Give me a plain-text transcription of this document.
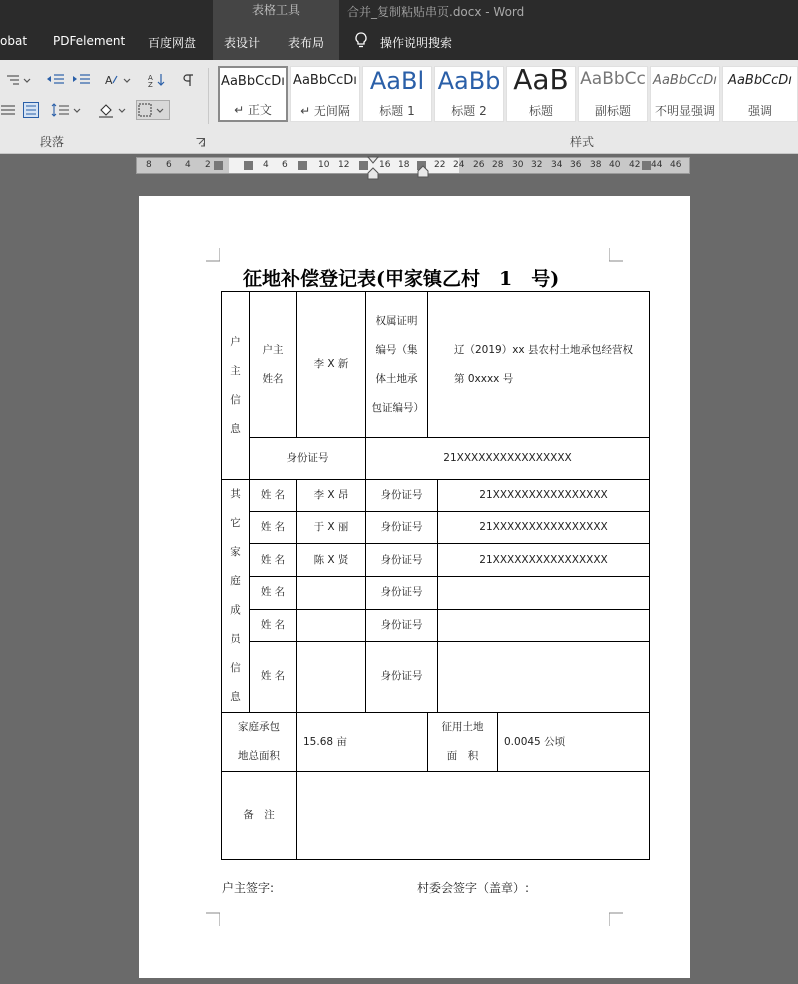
表格工具	合并_复制粘贴串页.docx - Word
obat PDFelement 百度网盘 表设计 表布局	操作说明搜索
A	A
Z
段落
AaBbCcDı
↵ 正文
AaBbCcDı
↵ 无间隔
AaBl
标题 1
AaBb
标题 2
AaB
标题
AaBbCс
副标题
AaBbCcDı
不明显强调
AaBbCcDı
强调
样式
8 6 4 2	4 6	10 12	16 18	22 24 26 28 30 32 34 36 38 40 42 44 46
征地补偿登记表(甲家镇乙村　1　号)
户主信息	户主姓名	李 X 新	权属证明编号（集体土地承包证编号）	辽（2019）xx 县农村土地承包经营权第 0xxxx 号		

	身份证号		21XXXXXXXXXXXXXXXX			

其它家庭成员信息	姓 名	李 X 昂	身份证号		21XXXXXXXXXXXXXXXX	
	姓 名	于 X 丽	身份证号		21XXXXXXXXXXXXXXXX	
	姓 名	陈 X 贤	身份证号		21XXXXXXXXXXXXXXXX	
	姓 名		身份证号			
	姓 名		身份证号			
	姓 名		身份证号			

家庭承包地总面积		15.68 亩		征用土地面　积		0.0045 公顷
备　注						
户主签字:	村委会签字（盖章）:
